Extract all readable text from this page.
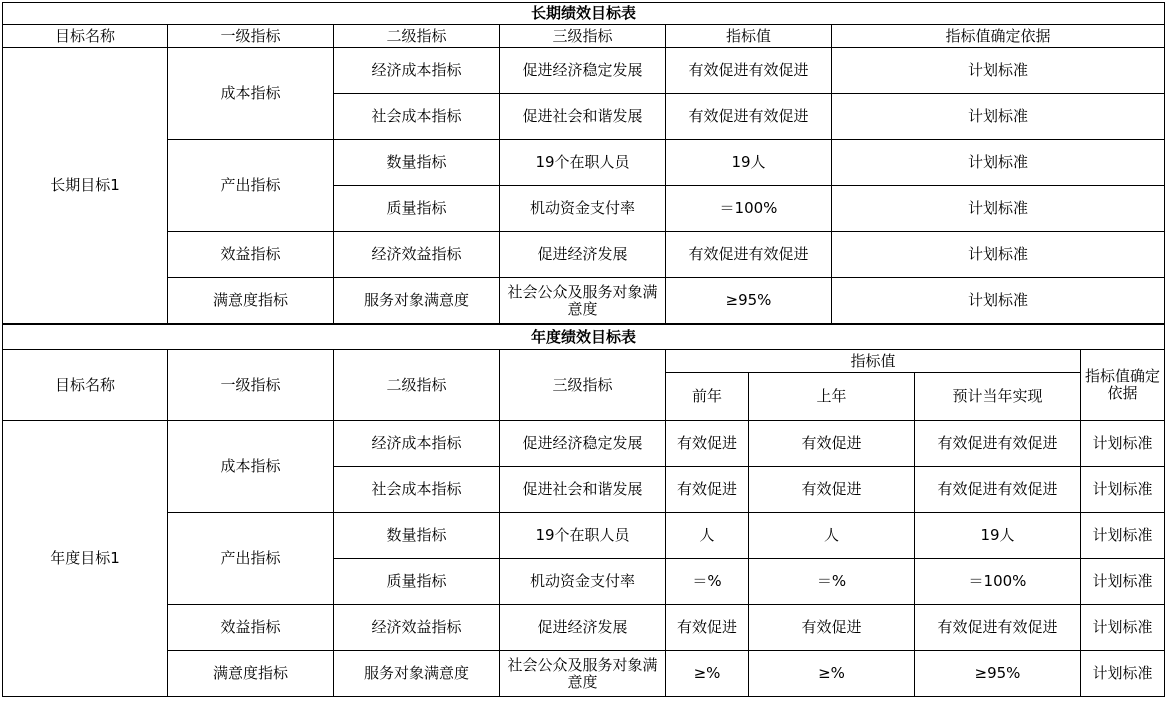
长期绩效目标表					
目标名称	一级指标	二级指标	三级指标	指标值	指标值确定依据
长期目标1	成本指标	经济成本指标	促进经济稳定发展	有效促进有效促进	计划标准
		社会成本指标	促进社会和谐发展	有效促进有效促进	计划标准
	产出指标	数量指标	19个在职人员	19人	计划标准
		质量指标	机动资金支付率	＝100%	计划标准
	效益指标	经济效益指标	促进经济发展	有效促进有效促进	计划标准
	满意度指标	服务对象满意度	社会公众及服务对象满意度	≥95%	计划标准
年度绩效目标表							
目标名称	一级指标	二级指标	三级指标	指标值			指标值确定依据
				前年	上年	预计当年实现	
年度目标1	成本指标	经济成本指标	促进经济稳定发展	有效促进	有效促进	有效促进有效促进	计划标准
		社会成本指标	促进社会和谐发展	有效促进	有效促进	有效促进有效促进	计划标准
	产出指标	数量指标	19个在职人员	人	人	19人	计划标准
		质量指标	机动资金支付率	＝%	＝%	＝100%	计划标准
	效益指标	经济效益指标	促进经济发展	有效促进	有效促进	有效促进有效促进	计划标准
	满意度指标	服务对象满意度	社会公众及服务对象满意度	≥%	≥%	≥95%	计划标准
